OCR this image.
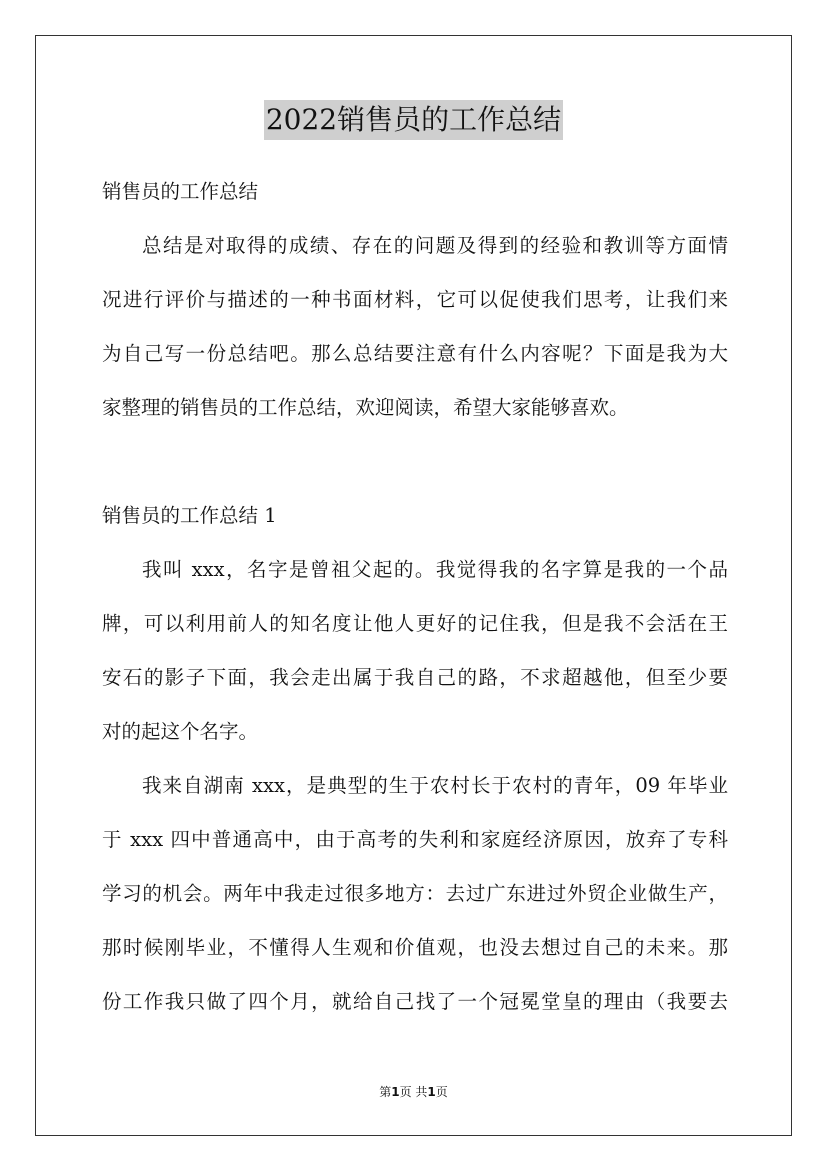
2022销售员的工作总结
销售员的工作总结
总结是对取得的成绩、存在的问题及得到的经验和教训等方面情
况进行评价与描述的一种书面材料，它可以促使我们思考，让我们来
为自己写一份总结吧。那么总结要注意有什么内容呢？下面是我为大
家整理的销售员的工作总结，欢迎阅读，希望大家能够喜欢。
销售员的工作总结 1
我叫 xxx，名字是曾祖父起的。我觉得我的名字算是我的一个品
牌，可以利用前人的知名度让他人更好的记住我，但是我不会活在王
安石的影子下面，我会走出属于我自己的路，不求超越他，但至少要
对的起这个名字。
我来自湖南 xxx，是典型的生于农村长于农村的青年，09 年毕业
于 xxx 四中普通高中，由于高考的失利和家庭经济原因，放弃了专科
学习的机会。两年中我走过很多地方：去过广东进过外贸企业做生产，
那时候刚毕业，不懂得人生观和价值观，也没去想过自己的未来。那
份工作我只做了四个月，就给自己找了一个冠冕堂皇的理由（我要去
第1页 共1页
